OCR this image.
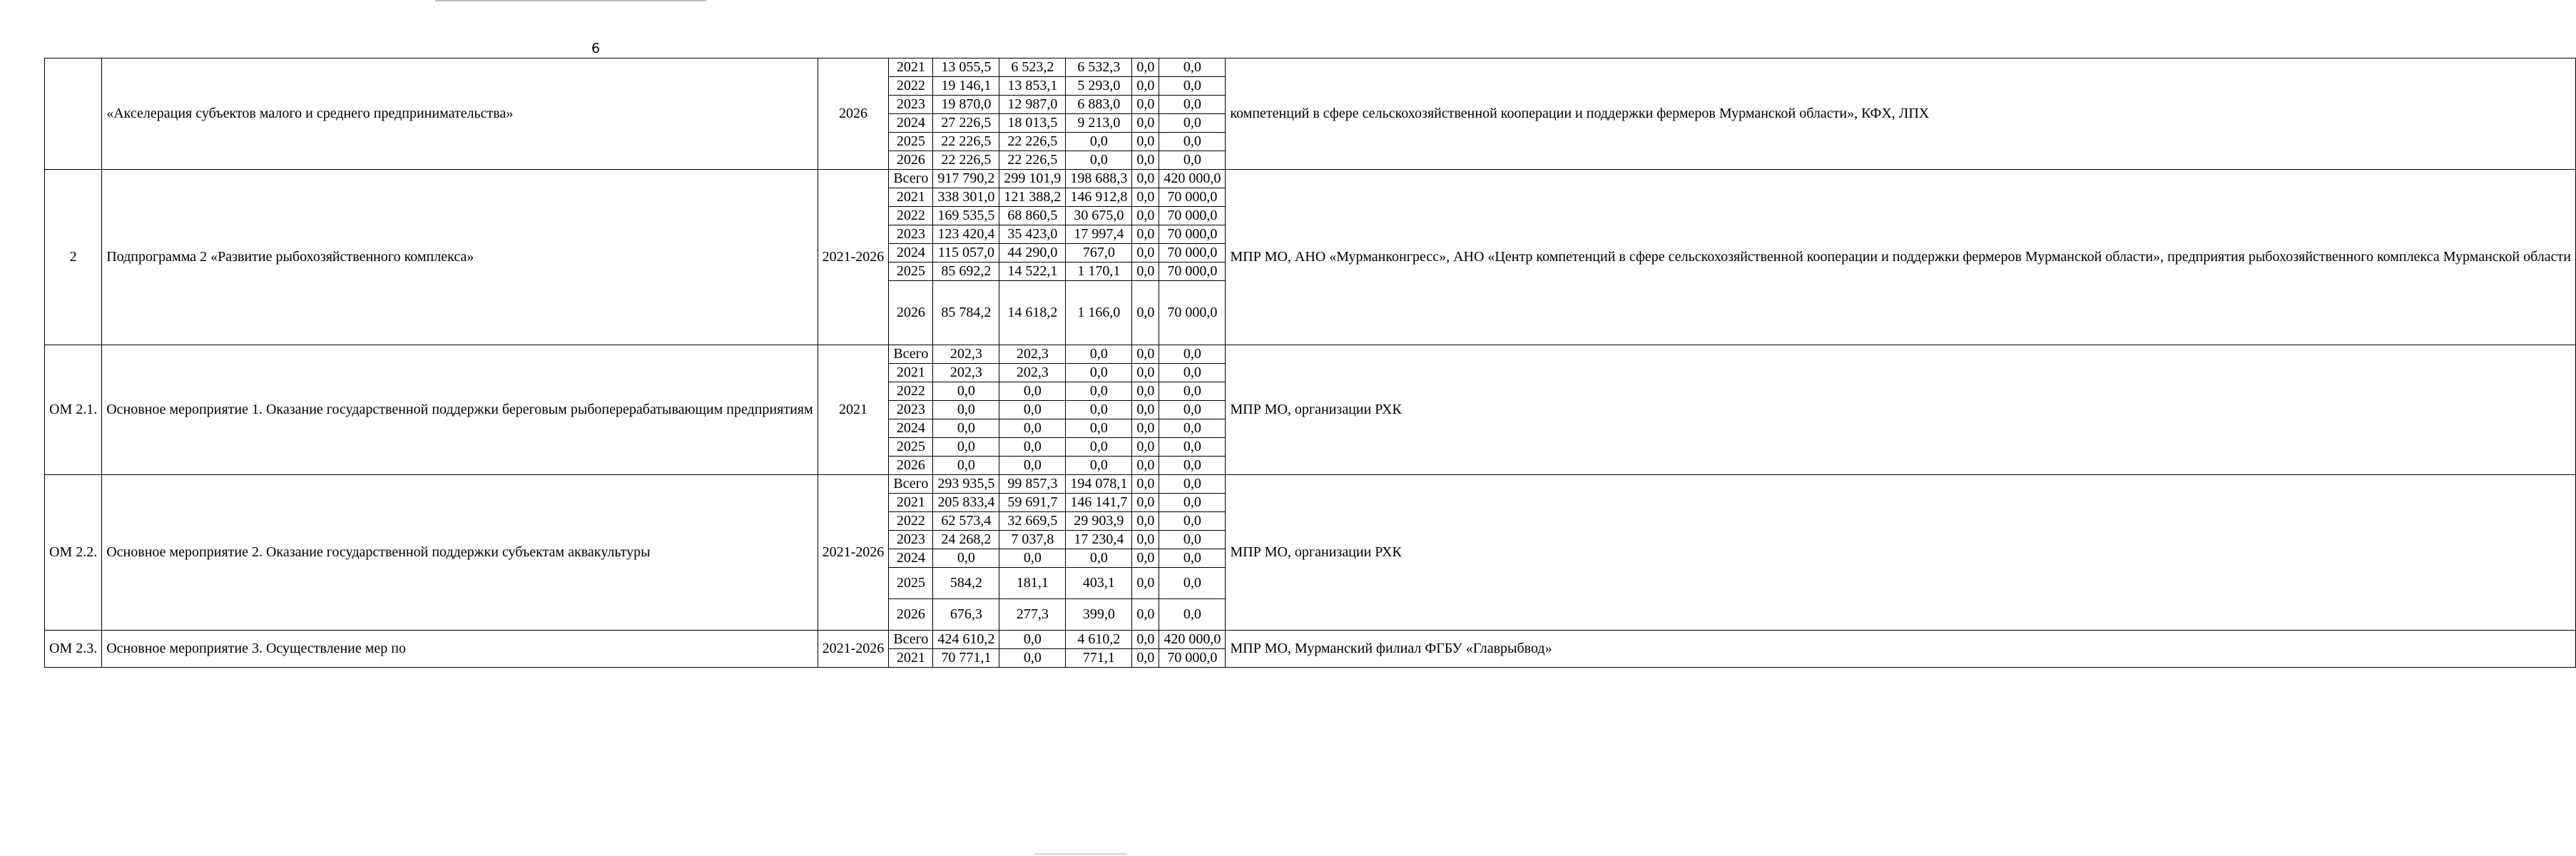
6
	«Акселерация субъектов малого и среднего предпринимательства»	2026	2021	13 055,5	6 523,2	6 532,3	0,0	0,0	компетенций в сфере сельскохозяйственной кооперации и поддержки фермеров Мурманской области», КФХ, ЛПХ
			2022	19 146,1	13 853,1	5 293,0	0,0	0,0	
			2023	19 870,0	12 987,0	6 883,0	0,0	0,0	
			2024	27 226,5	18 013,5	9 213,0	0,0	0,0	
			2025	22 226,5	22 226,5	0,0	0,0	0,0	
			2026	22 226,5	22 226,5	0,0	0,0	0,0	
2	Подпрограмма 2 «Развитие рыбохозяйственного комплекса»	2021-2026	Всего	917 790,2	299 101,9	198 688,3	0,0	420 000,0	МПР МО, АНО «Мурманконгресс», АНО «Центр компетенций в сфере сельскохозяйственной кооперации и поддержки фермеров Мурманской области», предприятия рыбохозяйственного комплекса Мурманской области
			2021	338 301,0	121 388,2	146 912,8	0,0	70 000,0	
			2022	169 535,5	68 860,5	30 675,0	0,0	70 000,0	
			2023	123 420,4	35 423,0	17 997,4	0,0	70 000,0	
			2024	115 057,0	44 290,0	767,0	0,0	70 000,0	
			2025	85 692,2	14 522,1	1 170,1	0,0	70 000,0	
			2026	85 784,2	14 618,2	1 166,0	0,0	70 000,0	
ОМ 2.1.	Основное мероприятие 1. Оказание государственной поддержки береговым рыбоперерабатывающим предприятиям	2021	Всего	202,3	202,3	0,0	0,0	0,0	МПР МО, организации РХК
			2021	202,3	202,3	0,0	0,0	0,0	
			2022	0,0	0,0	0,0	0,0	0,0	
			2023	0,0	0,0	0,0	0,0	0,0	
			2024	0,0	0,0	0,0	0,0	0,0	
			2025	0,0	0,0	0,0	0,0	0,0	
			2026	0,0	0,0	0,0	0,0	0,0	
ОМ 2.2.	Основное мероприятие 2. Оказание государственной поддержки субъектам аквакультуры	2021-2026	Всего	293 935,5	99 857,3	194 078,1	0,0	0,0	МПР МО, организации РХК
			2021	205 833,4	59 691,7	146 141,7	0,0	0,0	
			2022	62 573,4	32 669,5	29 903,9	0,0	0,0	
			2023	24 268,2	7 037,8	17 230,4	0,0	0,0	
			2024	0,0	0,0	0,0	0,0	0,0	
			2025	584,2	181,1	403,1	0,0	0,0	
			2026	676,3	277,3	399,0	0,0	0,0	
ОМ 2.3.	Основное мероприятие 3. Осуществление мер по	2021-2026	Всего	424 610,2	0,0	4 610,2	0,0	420 000,0	МПР МО, Мурманский филиал ФГБУ «Главрыбвод»
			2021	70 771,1	0,0	771,1	0,0	70 000,0	
